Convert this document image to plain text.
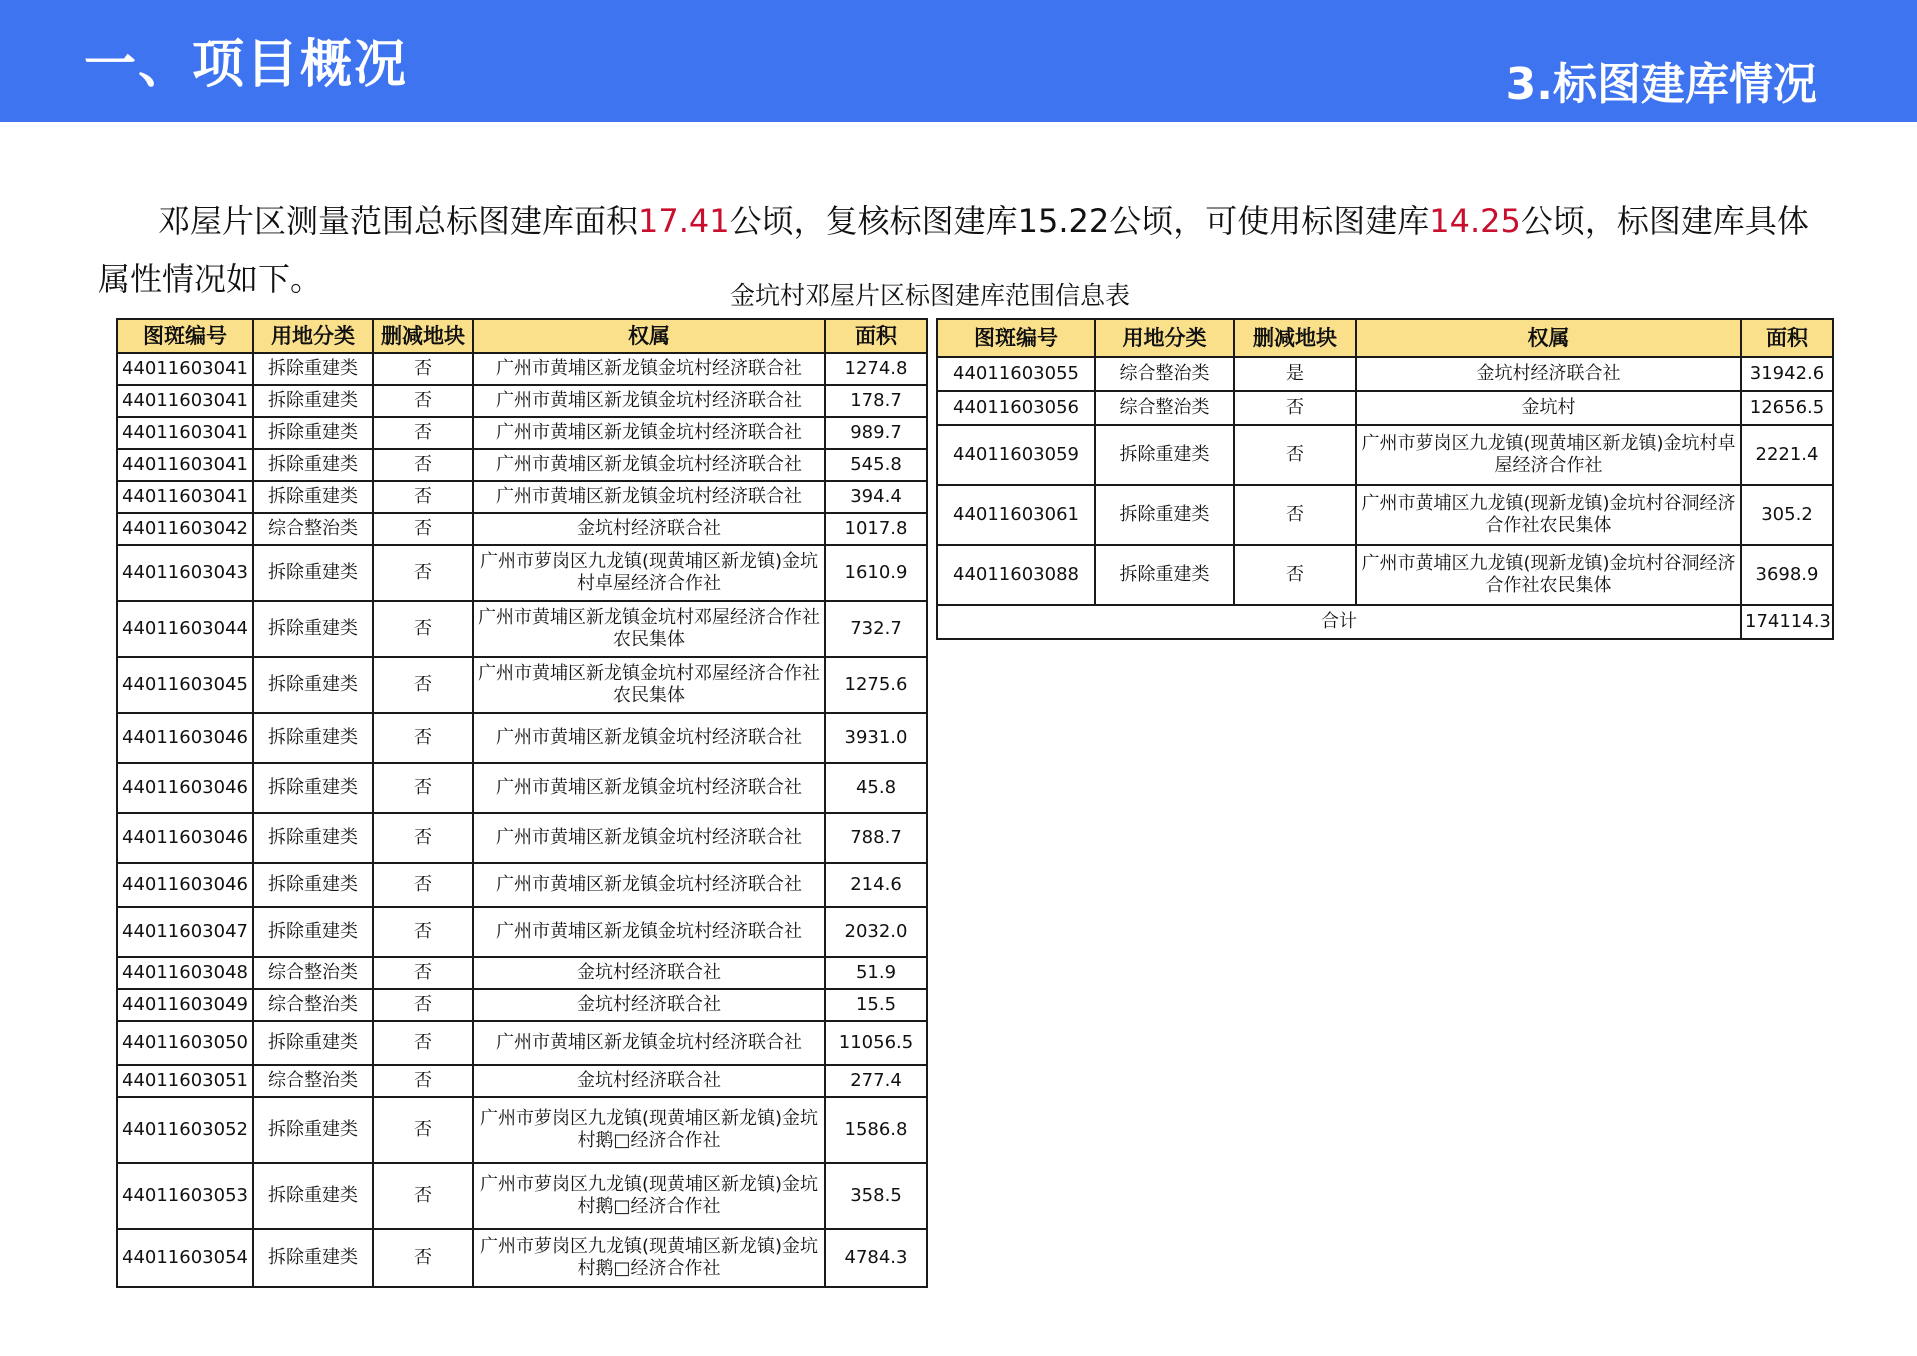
一、项目概况	3.标图建库情况
邓屋片区测量范围总标图建库面积17.41公顷，复核标图建库15.22公顷，可使用标图建库14.25公顷，标图建库具体属性情况如下。	金坑村邓屋片区标图建库范围信息表
图斑编号	用地分类	删减地块	权属	面积
44011603041	拆除重建类	否	广州市黄埔区新龙镇金坑村经济联合社	1274.8
44011603041	拆除重建类	否	广州市黄埔区新龙镇金坑村经济联合社	178.7
44011603041	拆除重建类	否	广州市黄埔区新龙镇金坑村经济联合社	989.7
44011603041	拆除重建类	否	广州市黄埔区新龙镇金坑村经济联合社	545.8
44011603041	拆除重建类	否	广州市黄埔区新龙镇金坑村经济联合社	394.4
44011603042	综合整治类	否	金坑村经济联合社	1017.8
44011603043	拆除重建类	否	广州市萝岗区九龙镇(现黄埔区新龙镇)金坑村卓屋经济合作社	1610.9
44011603044	拆除重建类	否	广州市黄埔区新龙镇金坑村邓屋经济合作社农民集体	732.7
44011603045	拆除重建类	否	广州市黄埔区新龙镇金坑村邓屋经济合作社农民集体	1275.6
44011603046	拆除重建类	否	广州市黄埔区新龙镇金坑村经济联合社	3931.0
44011603046	拆除重建类	否	广州市黄埔区新龙镇金坑村经济联合社	45.8
44011603046	拆除重建类	否	广州市黄埔区新龙镇金坑村经济联合社	788.7
44011603046	拆除重建类	否	广州市黄埔区新龙镇金坑村经济联合社	214.6
44011603047	拆除重建类	否	广州市黄埔区新龙镇金坑村经济联合社	2032.0
44011603048	综合整治类	否	金坑村经济联合社	51.9
44011603049	综合整治类	否	金坑村经济联合社	15.5
44011603050	拆除重建类	否	广州市黄埔区新龙镇金坑村经济联合社	11056.5
44011603051	综合整治类	否	金坑村经济联合社	277.4
44011603052	拆除重建类	否	广州市萝岗区九龙镇(现黄埔区新龙镇)金坑村鹅□经济合作社	1586.8
44011603053	拆除重建类	否	广州市萝岗区九龙镇(现黄埔区新龙镇)金坑村鹅□经济合作社	358.5
44011603054	拆除重建类	否	广州市萝岗区九龙镇(现黄埔区新龙镇)金坑村鹅□经济合作社	4784.3
图斑编号	用地分类	删减地块	权属	面积
44011603055	综合整治类	是	金坑村经济联合社	31942.6
44011603056	综合整治类	否	金坑村	12656.5
44011603059	拆除重建类	否	广州市萝岗区九龙镇(现黄埔区新龙镇)金坑村卓屋经济合作社	2221.4
44011603061	拆除重建类	否	广州市黄埔区九龙镇(现新龙镇)金坑村谷洞经济合作社农民集体	305.2
44011603088	拆除重建类	否	广州市黄埔区九龙镇(现新龙镇)金坑村谷洞经济合作社农民集体	3698.9
合计				174114.3
